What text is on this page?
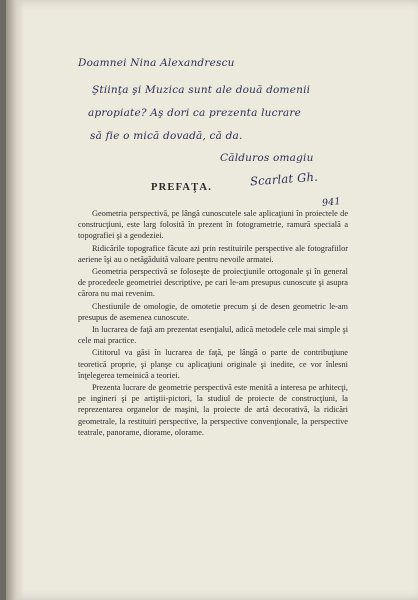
Doamnei Nina Alexandrescu
Ştiinţa şi Muzica sunt ale două domenii
apropiate? Aş dori ca prezenta lucrare
să fie o mică dovadă, că da.
Călduros omagiu
Scarlat Gh.
941
PREFAŢA.

Geometria perspectivă, pe lângă cunoscutele sale aplicaţiuni în proiectele de construcţiuni, este larg folosită în prezent în fotogrametrie, ramură specială a topografiei şi a geodeziei.

Ridicările topografice făcute azi prin restituirile perspective ale fotografiilor aeriene îşi au o netăgăduită valoare pentru nevoile armatei.

Geometria perspectivă se foloseşte de proiecţiunile ortogonale şi în general de procedeele geometriei descriptive, pe cari le-am presupus cunoscute şi asupra cărora nu mai revenim.

Chestiunile de omologie, de omotetie precum şi de desen geometric le-am presupus de asemenea cunoscute.

In lucrarea de faţă am prezentat esenţialul, adică metodele cele mai simple şi cele mai practice.

Cititorul va găsi în lucrarea de faţă, pe lângă o parte de contribuţiune teoretică proprie, şi planşe cu aplicaţiuni originale şi inedite, ce vor înlesni înţelegerea temeinică a teoriei.

Prezenta lucrare de geometrie perspectivă este menită a interesa pe arhitecţi, pe ingineri şi pe artiştii-pictori, la studiul de proiecte de construcţiuni, la reprezentarea organelor de maşini, la proiecte de artă decorativă, la ridicări geometrale, la restituiri perspective, la perspective convenţionale, la perspective teatrale, panorame, diorame, olorame.
